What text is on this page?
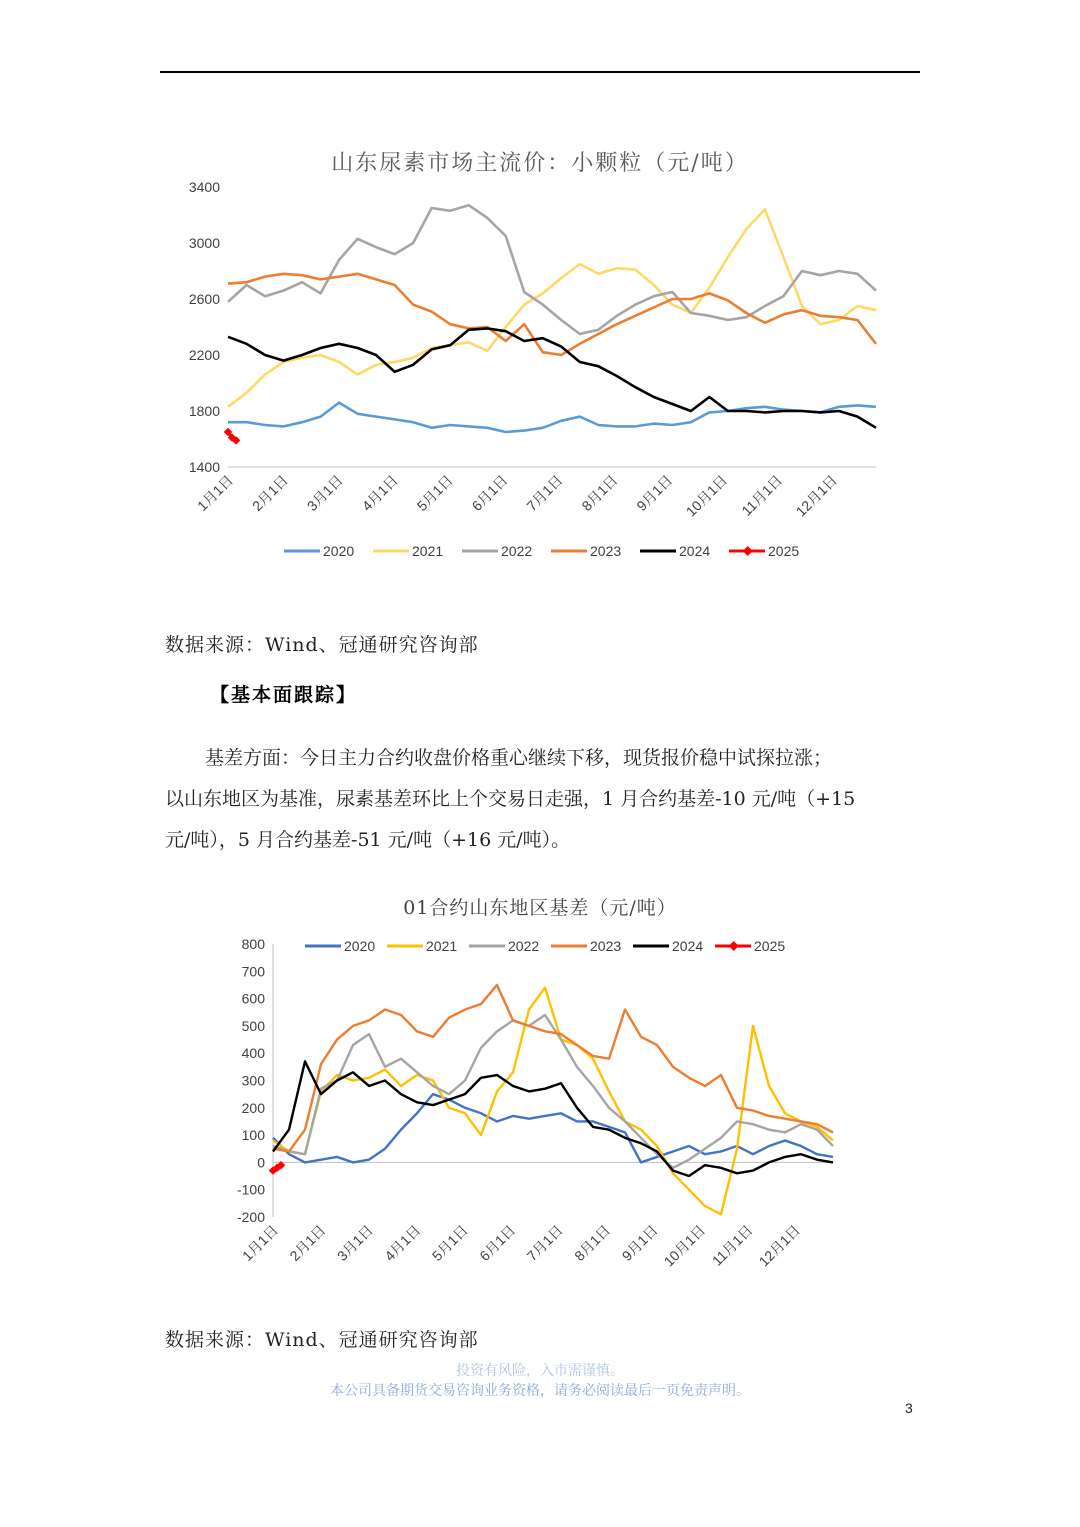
山东尿素市场主流价：小颗粒（元/吨）
3400
3000
2600
2200
1800
1400
1月1日 2月1日 3月1日 4月1日 5月1日 6月1日 7月1日 8月1日 9月1日 10月1日 11月1日 12月1日
2020	2021	2022	2023	2024	2025
数据来源：Wind、冠通研究咨询部
【基本面跟踪】
基差方面：今日主力合约收盘价格重心继续下移，现货报价稳中试探拉涨；
以山东地区为基准，尿素基差环比上个交易日走强，1 月合约基差-10 元/吨（+15
元/吨），5 月合约基差-51 元/吨（+16 元/吨）。
01合约山东地区基差（元/吨）
800
700
600
500
400
300
200
100
0
-100
-200
1月1日 2月1日 3月1日 4月1日 5月1日 6月1日 7月1日 8月1日 9月1日 10月1日 11月1日 12月1日
2020	2021	2022	2023	2024	2025
数据来源：Wind、冠通研究咨询部
投资有风险，入市需谨慎。
本公司具备期货交易咨询业务资格，请务必阅读最后一页免责声明。
3
